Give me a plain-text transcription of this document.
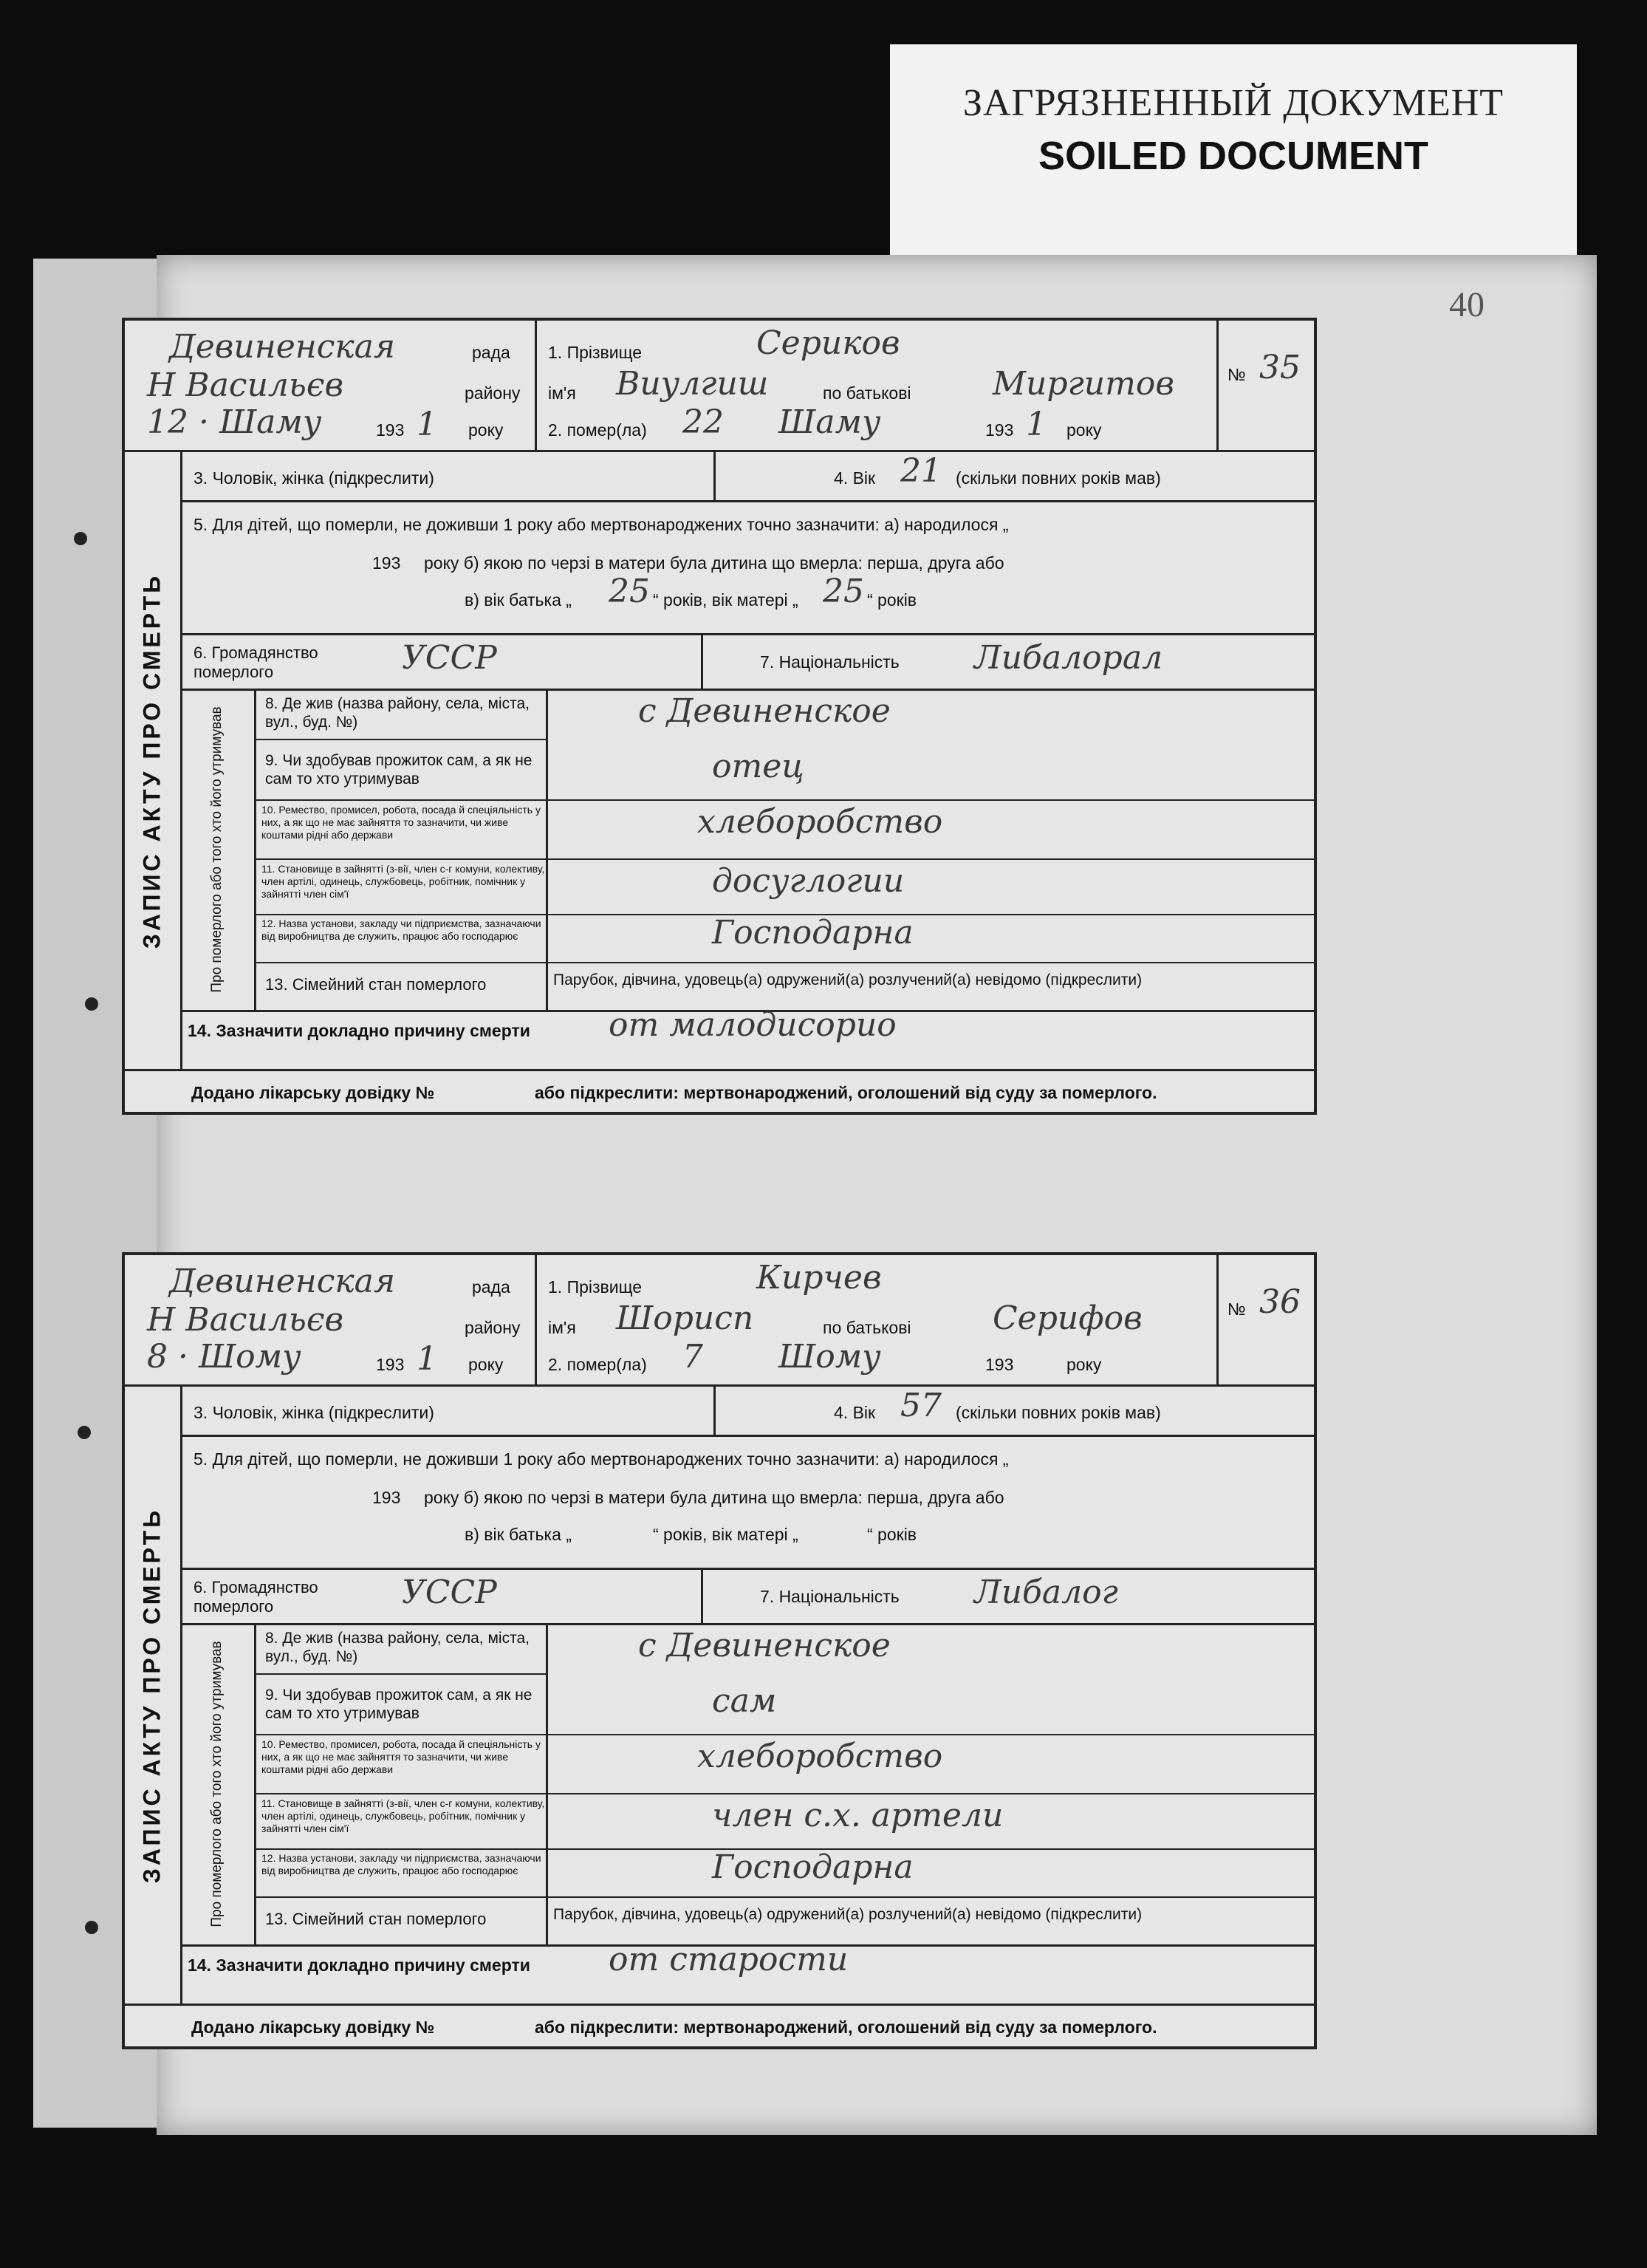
ЗАГРЯЗНЕННЫЙ ДОКУМЕНТ
SOILED DOCUMENT
40
Девиненская	рада
Н Васильєв	району
12 · Шаму	193 1 року
1. Прізвище	Сериков
ім'я Виулгиш	по батькові	Миргитов
2. помер(ла) 22 Шаму	193 1 року
№ 35
ЗАПИС АКТУ ПРО СМЕРТЬ
3. Чоловік, жінка (підкреслити)	4. Вік 21 (скільки повних років мав)
5. Для дітей, що померли, не доживши 1 року або мертвонароджених точно зазначити: а) народилося „
193 року б) якою по черзі в матери була дитина що вмерла: перша, друга або
в) вік батька „ 25 “ років, вік матері „ 25 “ років
6. Громадянство померлого	УССР	7. Національність Либалорал
Про померлого або того хто його утримував
8. Де жив (назва району, села, міста, вул., буд. №)	с Девиненское
9. Чи здобував прожиток сам, а як не сам то хто утримував	отец
10. Ремество, промисел, робота, посада й спеціяльність у них, а як що не має зайняття то зазначити, чи живе коштами рідні або держави	хлеборобство
11. Становище в зайнятті (з-вії, член с-г комуни, колективу, член артілі, одинець, службовець, робітник, помічник у зайнятті член сім'ї	досуглогии
12. Назва установи, закладу чи підприємства, зазначаючи від виробництва де служить, працює або господарює	Господарна
13. Сімейний стан померлого	Парубок, дівчина, удовець(а) одружений(а) розлучений(а) невідомо (підкреслити)
14. Зазначити докладно причину смерти от малодисорио
Додано лікарську довідку №	або підкреслити: мертвонароджений, оголошений від суду за померлого.
Девиненская	рада
Н Васильєв	району
8 · Шому	193 1 року
1. Прізвище	Кирчев
ім'я Шорисп	по батькові	Серифов
2. помер(ла) 7 Шому	193	року
№ 36
ЗАПИС АКТУ ПРО СМЕРТЬ
3. Чоловік, жінка (підкреслити)	4. Вік 57 (скільки повних років мав)
5. Для дітей, що померли, не доживши 1 року або мертвонароджених точно зазначити: а) народилося „
193 року б) якою по черзі в матери була дитина що вмерла: перша, друга або
в) вік батька „	“ років, вік матері „	“ років
6. Громадянство померлого	УССР	7. Національність Либалог
Про померлого або того хто його утримував
8. Де жив (назва району, села, міста, вул., буд. №)	с Девиненское
9. Чи здобував прожиток сам, а як не сам то хто утримував	сам
10. Ремество, промисел, робота, посада й спеціяльність у них, а як що не має зайняття то зазначити, чи живе коштами рідні або держави	хлеборобство
11. Становище в зайнятті (з-вії, член с-г комуни, колективу, член артілі, одинець, службовець, робітник, помічник у зайнятті член сім'ї	член с.х. артели
12. Назва установи, закладу чи підприємства, зазначаючи від виробництва де служить, працює або господарює	Господарна
13. Сімейний стан померлого	Парубок, дівчина, удовець(а) одружений(а) розлучений(а) невідомо (підкреслити)
14. Зазначити докладно причину смерти от старости
Додано лікарську довідку №	або підкреслити: мертвонароджений, оголошений від суду за померлого.
